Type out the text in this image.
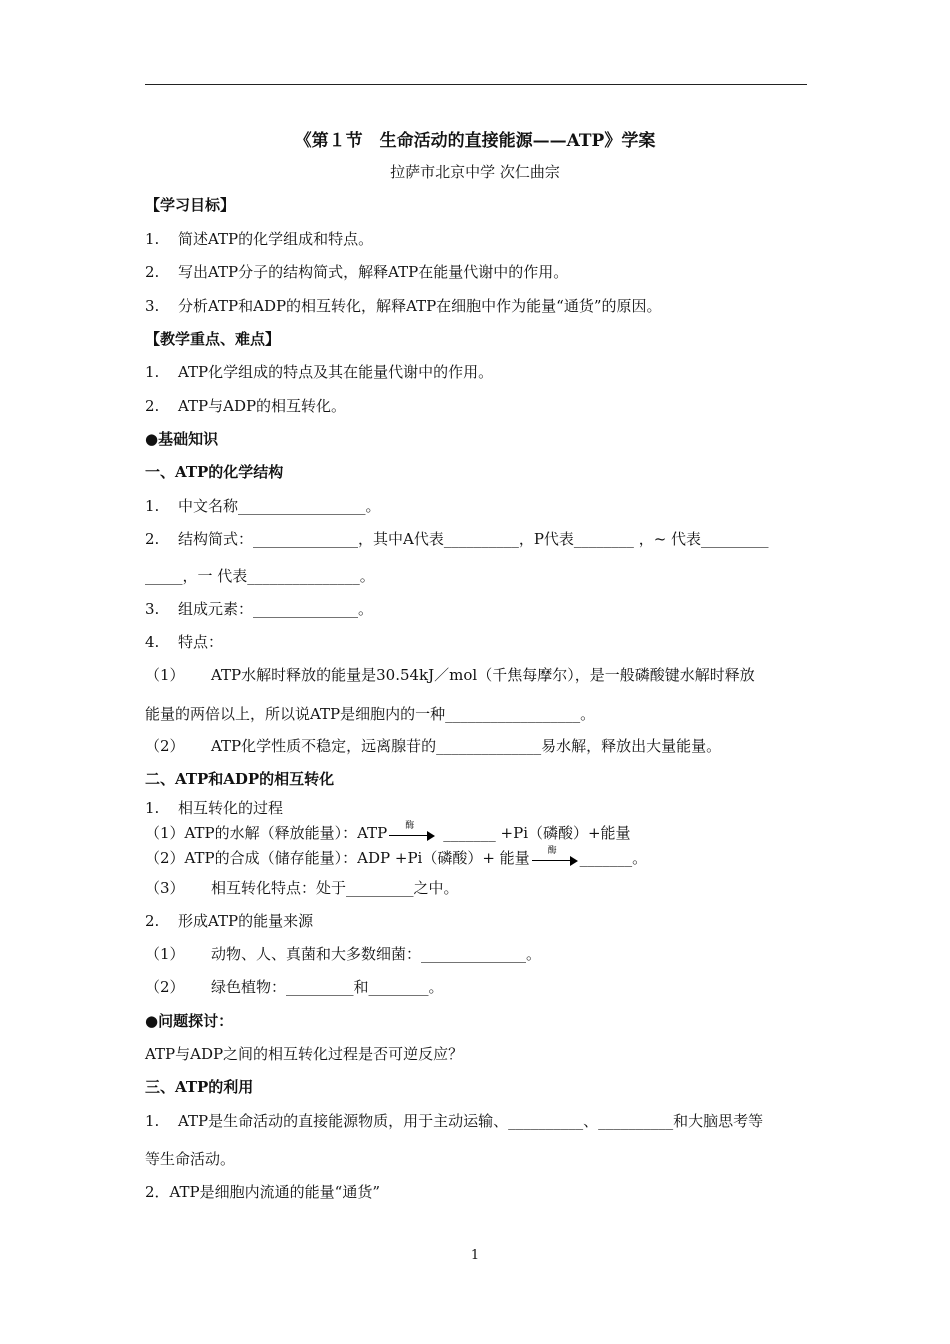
《第１节　生命活动的直接能源——ATP》学案
拉萨市北京中学 次仁曲宗
【学习目标】
1. 简述ATP的化学组成和特点。
2. 写出ATP分子的结构简式，解释ATP在能量代谢中的作用。
3. 分析ATP和ADP的相互转化，解释ATP在细胞中作为能量“通货”的原因。
【教学重点、难点】
1. ATP化学组成的特点及其在能量代谢中的作用。
2. ATP与ADP的相互转化。
●基础知识
一、ATP的化学结构
1. 中文名称_________________。
2. 结构简式：______________，其中A代表__________，P代表________ ，~ 代表_________
_____，一 代表_______________。
3. 组成元素：______________。
4. 特点：
（1） ATP水解时释放的能量是30.54kJ／mol（千焦每摩尔），是一般磷酸键水解时释放
能量的两倍以上，所以说ATP是细胞内的一种__________________。
（2） ATP化学性质不稳定，远离腺苷的______________易水解，释放出大量能量。
二、ATP和ADP的相互转化
1. 相互转化的过程
（1）ATP的水解（释放能量）：ATP 酶 _______ +Pi（磷酸）+能量
（2）ATP的合成（储存能量）：ADP +Pi（磷酸）+ 能量 酶 _______。
（3） 相互转化特点：处于_________之中。
2. 形成ATP的能量来源
（1） 动物、人、真菌和大多数细菌：______________。
（2） 绿色植物：_________和________。
●问题探讨：
ATP与ADP之间的相互转化过程是否可逆反应？
三、ATP的利用
1. ATP是生命活动的直接能源物质，用于主动运输、__________、__________和大脑思考等
等生命活动。
2．ATP是细胞内流通的能量“通货”
1
